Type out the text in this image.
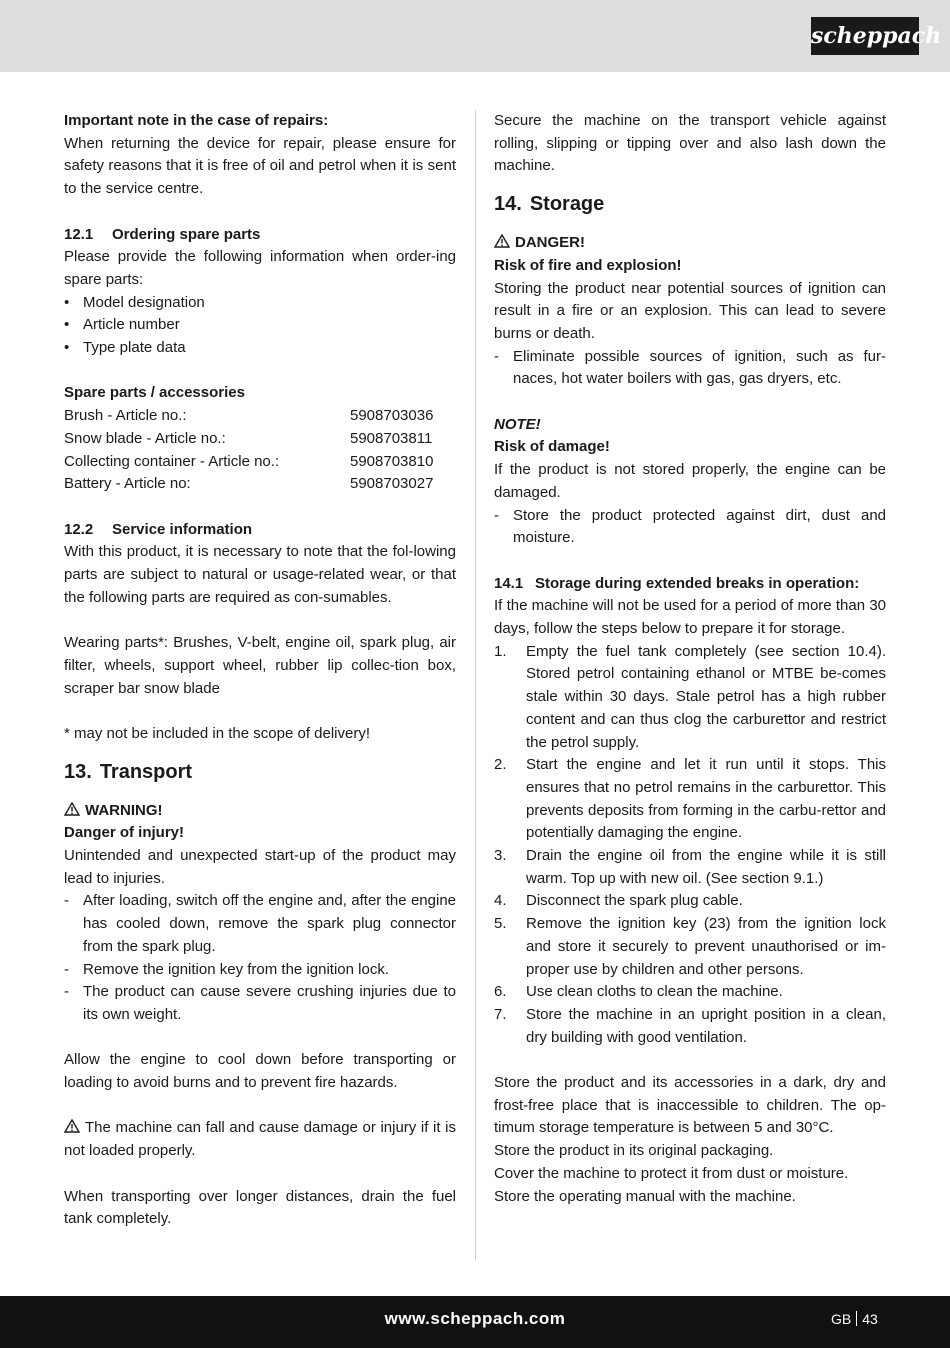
scheppach

Important note in the case of repairs:

When returning the device for repair, please ensure for safety reasons that it is free of oil and petrol when it is sent to the service centre.

12.1	Ordering spare parts

Please provide the following information when order-ing spare parts:

• Model designation
• Article number
• Type plate data

Spare parts / accessories

Brush - Article no.:	5908703036
Snow blade - Article no.:	5908703811
Collecting container - Article no.:	5908703810
Battery - Article no:	5908703027
12.2	Service information

With this product, it is necessary to note that the fol-lowing parts are subject to natural or usage-related wear, or that the following parts are required as con-sumables.

Wearing parts*: Brushes, V-belt, engine oil, spark plug, air filter, wheels, support wheel, rubber lip collec-tion box, scraper bar snow blade

* may not be included in the scope of delivery!

13. Transport

WARNING!

Danger of injury!

Unintended and unexpected start-up of the product may lead to injuries.

- After loading, switch off the engine and, after the engine has cooled down, remove the spark plug connector from the spark plug.
- Remove the ignition key from the ignition lock.
- The product can cause severe crushing injuries due to its own weight.

Allow the engine to cool down before transporting or loading to avoid burns and to prevent fire hazards.

The machine can fall and cause damage or injury if it is not loaded properly.

When transporting over longer distances, drain the fuel tank completely.

Secure the machine on the transport vehicle against rolling, slipping or tipping over and also lash down the machine.

14. Storage

DANGER!

Risk of fire and explosion!

Storing the product near potential sources of ignition can result in a fire or an explosion. This can lead to severe burns or death.

- Eliminate possible sources of ignition, such as fur-naces, hot water boilers with gas, gas dryers, etc.

NOTE!

Risk of damage!

If the product is not stored properly, the engine can be damaged.

- Store the product protected against dirt, dust and moisture.
14.1 Storage during extended breaks in operation:

If the machine will not be used for a period of more than 30 days, follow the steps below to prepare it for storage.

1.	Empty the fuel tank completely (see section 10.4). Stored petrol containing ethanol or MTBE be-comes stale within 30 days. Stale petrol has a high rubber content and can thus clog the carburettor and restrict the petrol supply.
2.	Start the engine and let it run until it stops. This ensures that no petrol remains in the carburettor. This prevents deposits from forming in the carbu-rettor and potentially damaging the engine.
3.	Drain the engine oil from the engine while it is still warm. Top up with new oil. (See section 9.1.)
4.	Disconnect the spark plug cable.
5.	Remove the ignition key (23) from the ignition lock and store it securely to prevent unauthorised or im-proper use by children and other persons.
6.	Use clean cloths to clean the machine.
7.	Store the machine in an upright position in a clean, dry building with good ventilation.

Store the product and its accessories in a dark, dry and frost-free place that is inaccessible to children. The op-timum storage temperature is between 5 and 30°C.

Store the product in its original packaging.

Cover the machine to protect it from dust or moisture.

Store the operating manual with the machine.

www.scheppach.com	GB 43
